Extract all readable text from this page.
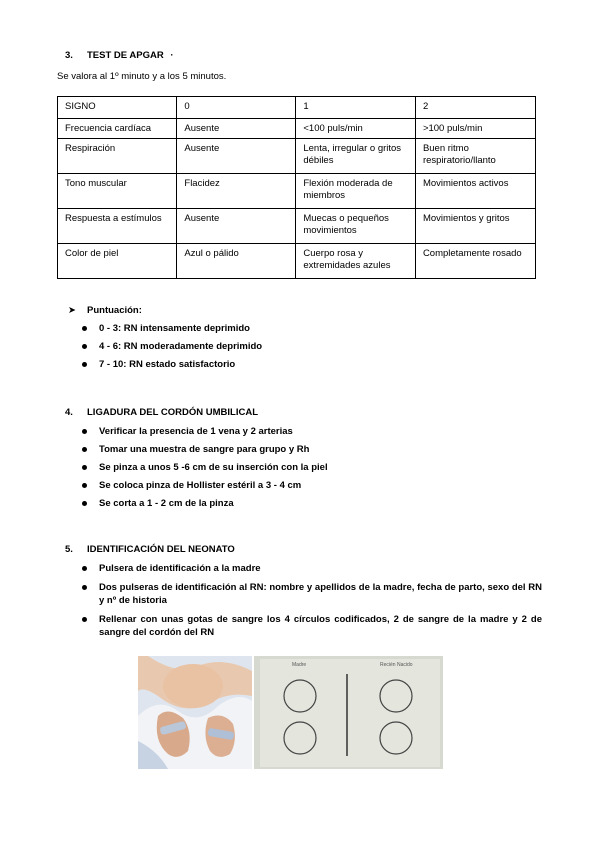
3. TEST DE APGAR ·
Se valora al 1º minuto y a los 5 minutos.
SIGNO	0	1	2
Frecuencia cardíaca	Ausente	<100 puls/min	>100 puls/min
Respiración	Ausente	Lenta, irregular o gritos débiles	Buen ritmo respiratorio/llanto
Tono muscular	Flacidez	Flexión moderada de miembros	Movimientos activos
Respuesta a estímulos	Ausente	Muecas o pequeños movimientos	Movimientos y gritos
Color de piel	Azul o pálido	Cuerpo rosa y extremidades azules	Completamente rosado
➤ Puntuación:
0 - 3: RN intensamente deprimido
4 - 6: RN moderadamente deprimido
7 - 10: RN estado satisfactorio
4. LIGADURA DEL CORDÓN UMBILICAL
Verificar la presencia de 1 vena y 2 arterias
Tomar una muestra de sangre para grupo y Rh
Se pinza a unos 5 -6 cm de su inserción con la piel
Se coloca pinza de Hollister estéril a 3 - 4 cm
Se corta a 1 - 2 cm de la pinza
5. IDENTIFICACIÓN DEL NEONATO
Pulsera de identificación a la madre
Dos pulseras de identificación al RN: nombre y apellidos de la madre, fecha de parto, sexo del RN y nº de historia
Rellenar con unas gotas de sangre los 4 círculos codificados, 2 de sangre de la madre y 2 de sangre del cordón del RN
Madre	Recién Nacido
